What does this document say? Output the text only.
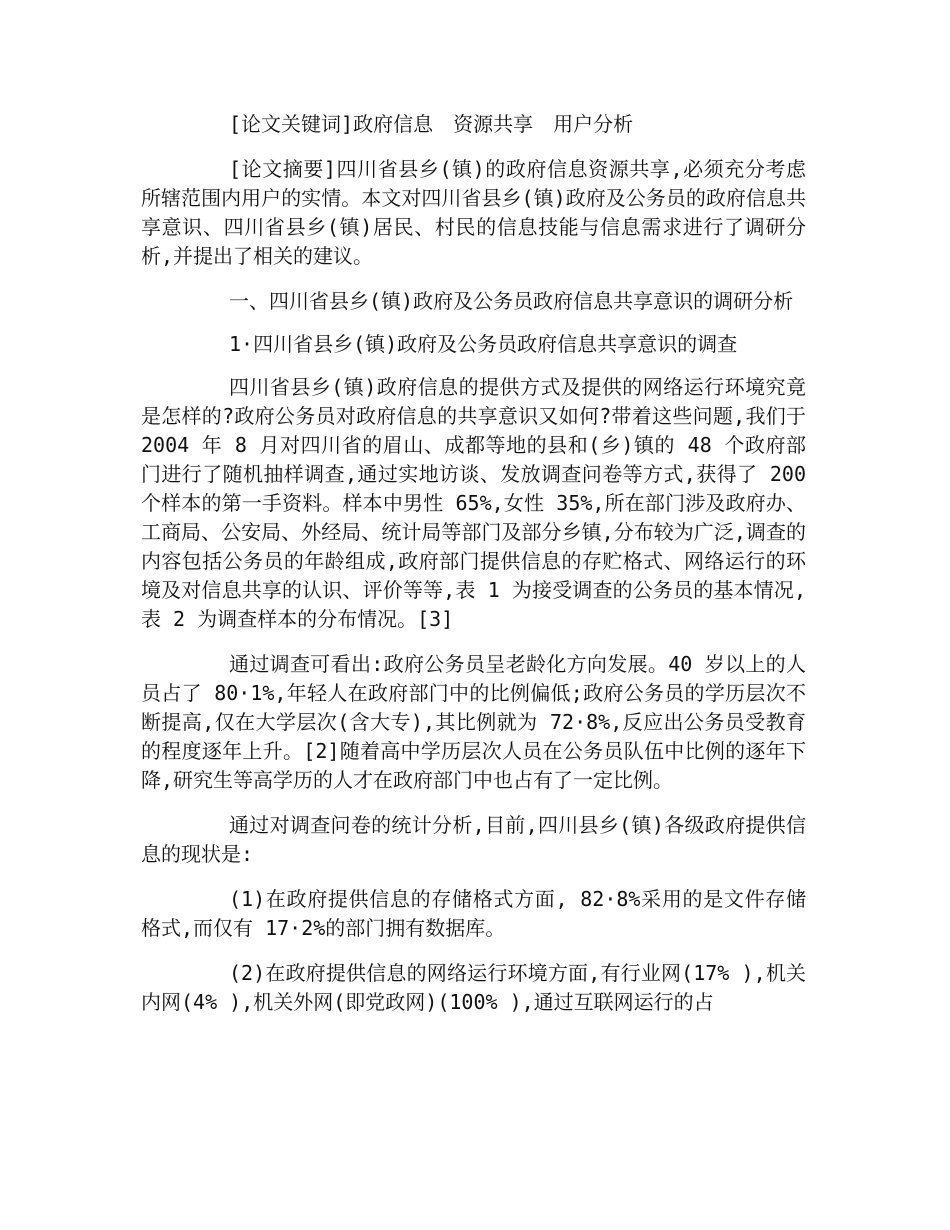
[论文关键词]政府信息　资源共享　用户分析

[论文摘要]四川省县乡(镇)的政府信息资源共享,必须充分考虑所辖范围内用户的实情。本文对四川省县乡(镇)政府及公务员的政府信息共享意识、四川省县乡(镇)居民、村民的信息技能与信息需求进行了调研分析,并提出了相关的建议。

一、四川省县乡(镇)政府及公务员政府信息共享意识的调研分析

1·四川省县乡(镇)政府及公务员政府信息共享意识的调查

四川省县乡(镇)政府信息的提供方式及提供的网络运行环境究竟是怎样的?政府公务员对政府信息的共享意识又如何?带着这些问题,我们于 2004 年 8 月对四川省的眉山、成都等地的县和(乡)镇的 48 个政府部门进行了随机抽样调查,通过实地访谈、发放调查问卷等方式,获得了 200 个样本的第一手资料。样本中男性 65%,女性 35%,所在部门涉及政府办、工商局、公安局、外经局、统计局等部门及部分乡镇,分布较为广泛,调查的内容包括公务员的年龄组成,政府部门提供信息的存贮格式、网络运行的环境及对信息共享的认识、评价等等,表 1 为接受调查的公务员的基本情况,表 2 为调查样本的分布情况。[3]

通过调查可看出:政府公务员呈老龄化方向发展。40 岁以上的人员占了 80·1%,年轻人在政府部门中的比例偏低;政府公务员的学历层次不断提高,仅在大学层次(含大专),其比例就为 72·8%,反应出公务员受教育的程度逐年上升。[2]随着高中学历层次人员在公务员队伍中比例的逐年下降,研究生等高学历的人才在政府部门中也占有了一定比例。

通过对调查问卷的统计分析,目前,四川县乡(镇)各级政府提供信息的现状是:

(1)在政府提供信息的存储格式方面, 82·8%采用的是文件存储格式,而仅有 17·2%的部门拥有数据库。

(2)在政府提供信息的网络运行环境方面,有行业网(17% ),机关内网(4% ),机关外网(即党政网)(100% ),通过互联网运行的占
